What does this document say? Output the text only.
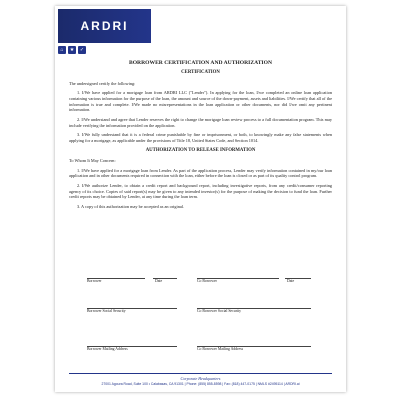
ARDRI
⌂	★	✓
BORROWER CERTIFICATION AND AUTHORIZATION
CERTIFICATION

The undersigned certify the following:

1. I/We have applied for a mortgage loan from ARDRI LLC ("Lender"). In applying for the loan, I/we completed an online loan application containing various information for the purpose of the loan, the amount and source of the down-payment, assets and liabilities. I/We certify that all of the information is true and complete. I/We made no misrepresentations in the loan application or other documents, nor did I/we omit any pertinent information.

2. I/We understand and agree that Lender reserves the right to change the mortgage loan review process to a full documentation program. This may include verifying the information provided on the application.

3. I/We fully understand that it is a federal crime punishable by fine or imprisonment, or both, to knowingly make any false statements when applying for a mortgage, as applicable under the provisions of Title 18, United States Code, and Section 1014.

AUTHORIZATION TO RELEASE INFORMATION

To Whom It May Concern:

1. I/We have applied for a mortgage loan from Lender. As part of the application process, Lender may verify information contained in my/our loan application and in other documents required in connection with the loan, either before the loan is closed or as part of its quality control program.

2. I/We authorize Lender, to obtain a credit report and background report, including investigative reports, from any credit/consumer reporting agency of its choice. Copies of said report(s) may be given to any intended investor(s) for the purpose of making the decision to fund the loan. Further credit reports may be obtained by Lender, at any time during the loan term.

3. A copy of this authorization may be accepted as an original.

Borrower	Date	Co Borrower	Date
Borrower Social Security	Co Borrower Social Security
Borrower Mailing Address	Co Borrower Mailing Address
Corporate Headquarters
27001 Agoura Road, Suite 100 • Calabasas, CA 91301 | Phone: (855) 855-8598 | Fax: (818) 447-0175 | NMLS #2495114 | ARDRI.ai
